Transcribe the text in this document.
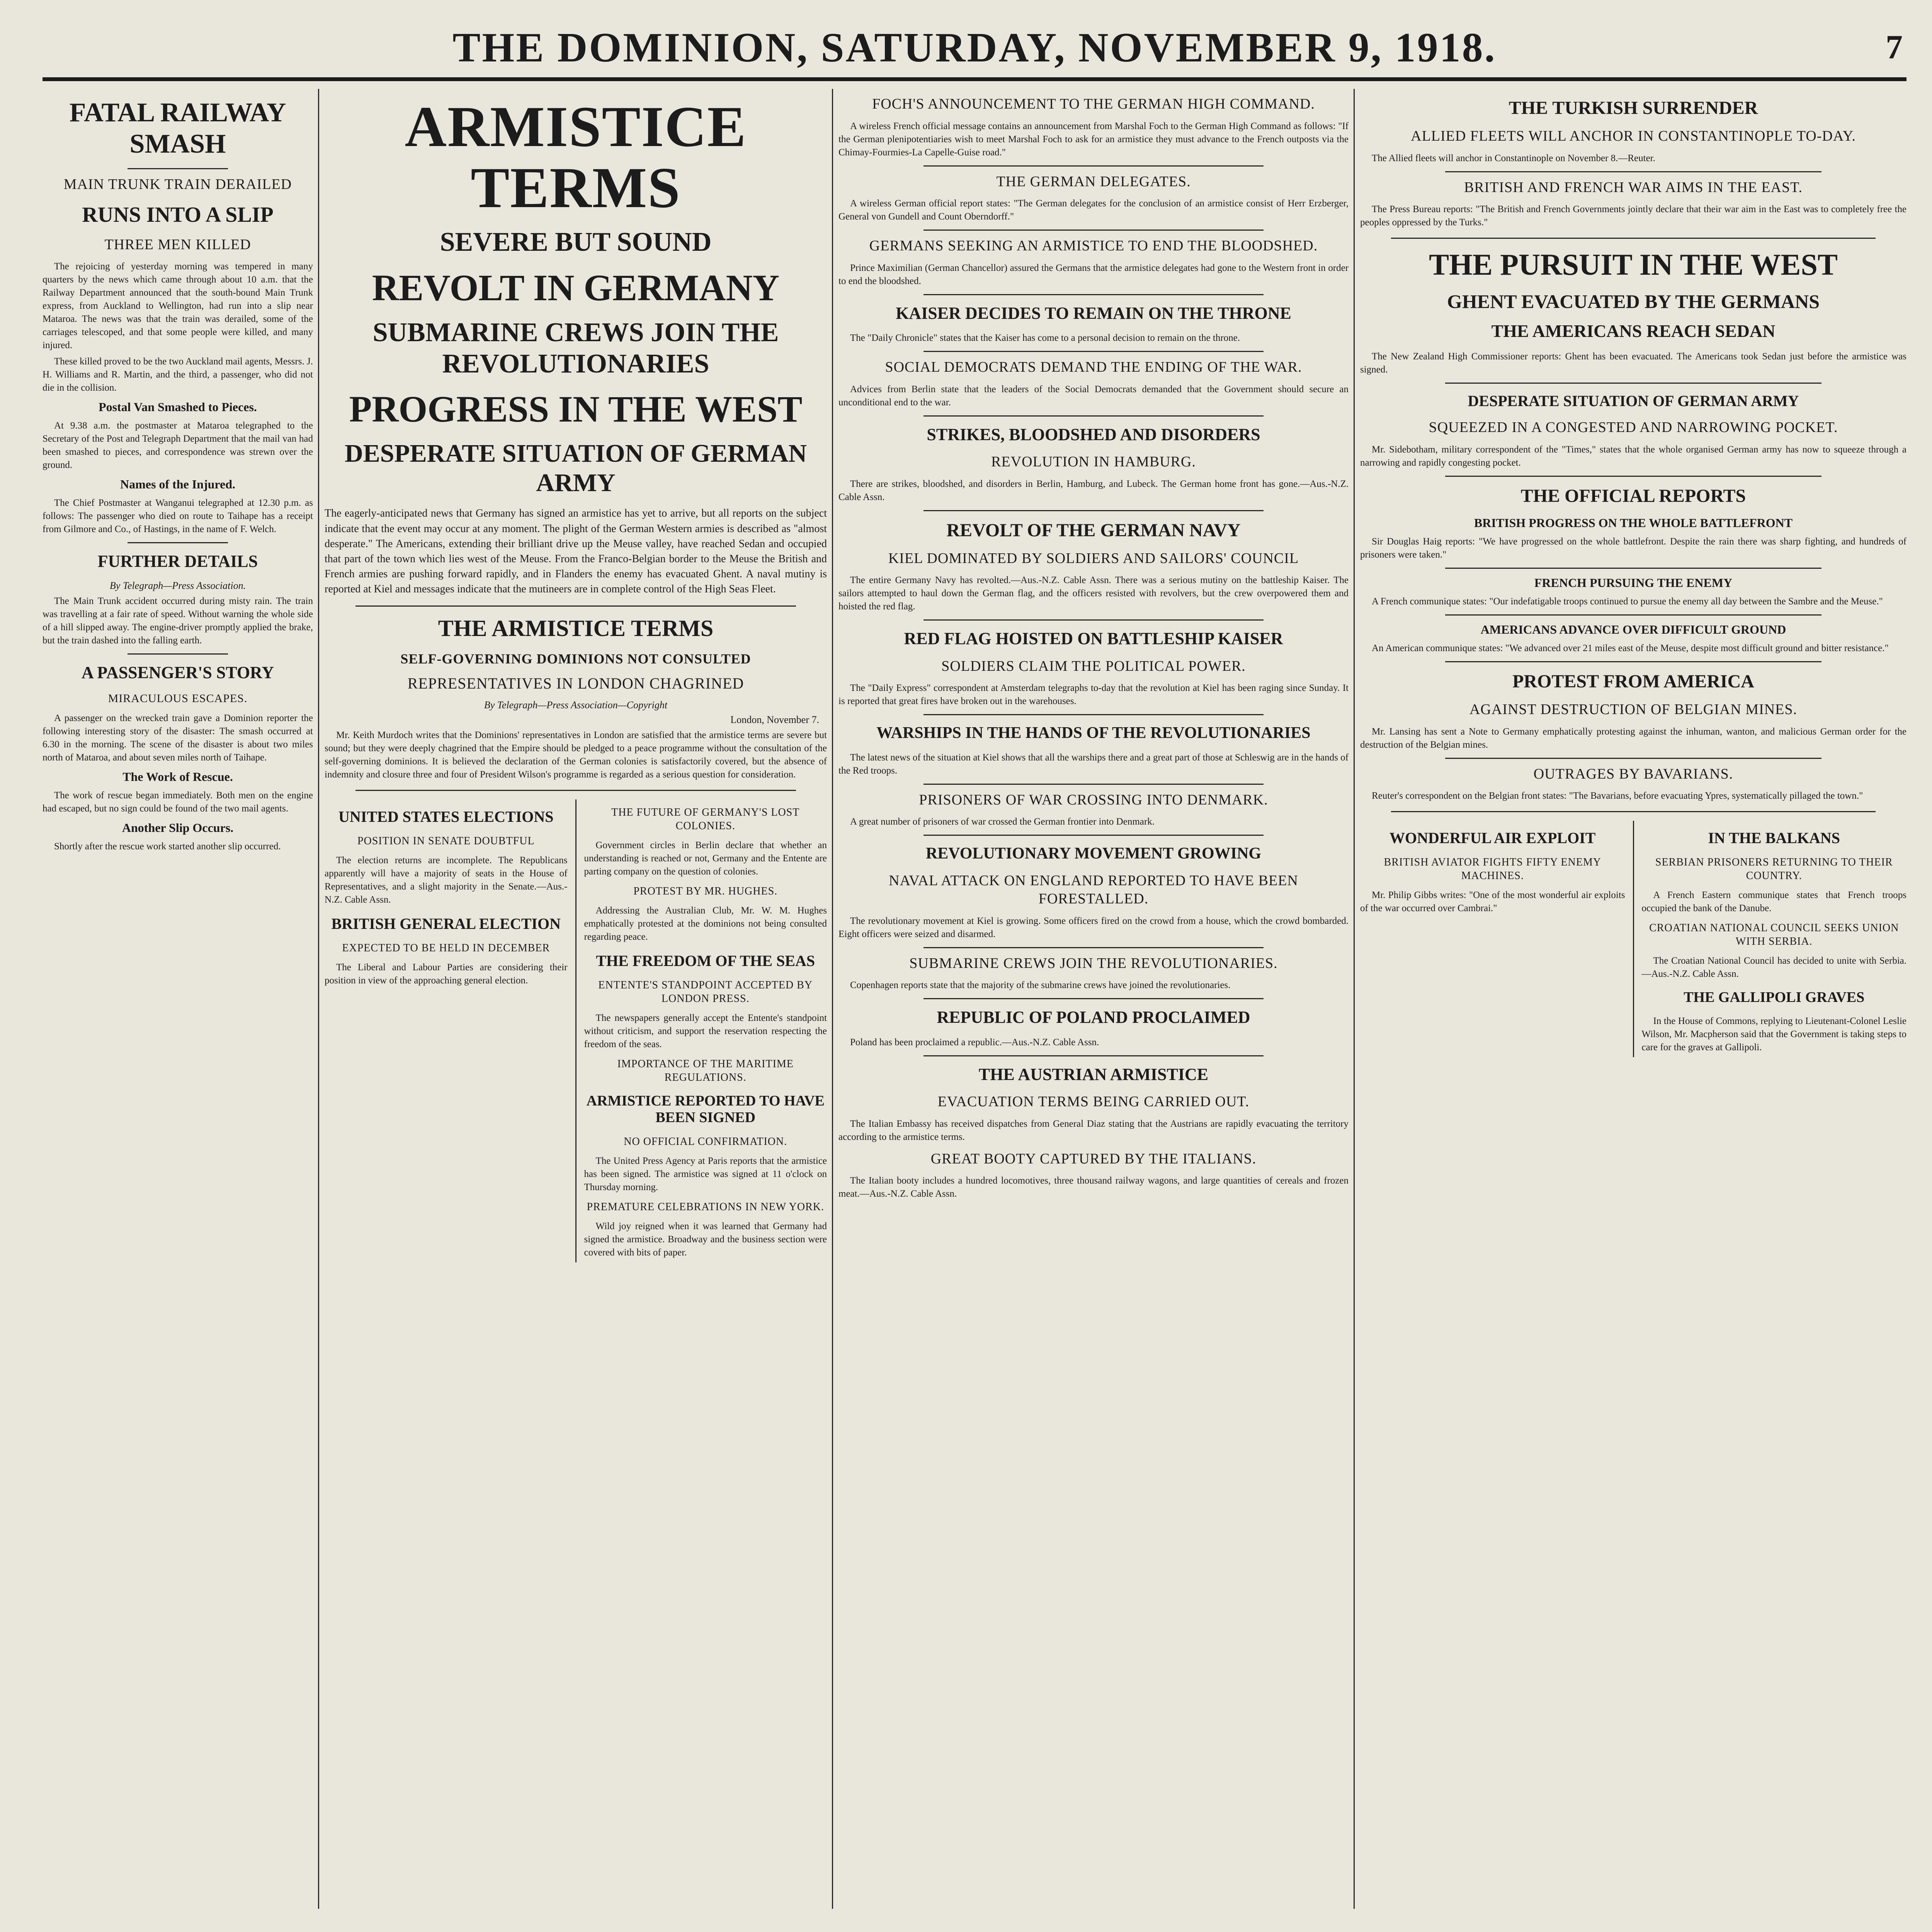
THE DOMINION, SATURDAY, NOVEMBER 9, 1918.	7
FATAL RAILWAY SMASH
MAIN TRUNK TRAIN DERAILED
RUNS INTO A SLIP
THREE MEN KILLED
The rejoicing of yesterday morning was tempered in many quarters by the news which came through about 10 a.m. that the Railway Department announced that the south-bound Main Trunk express, from Auckland to Wellington, had run into a slip near Mataroa. The news was that the train was derailed, some of the carriages telescoped, and that some people were killed, and many injured.
These killed proved to be the two Auckland mail agents, Messrs. J. H. Williams and R. Martin, and the third, a passenger, who did not die in the collision.
Postal Van Smashed to Pieces.
At 9.38 a.m. the postmaster at Mataroa telegraphed to the Secretary of the Post and Telegraph Department that the mail van had been smashed to pieces, and correspondence was strewn over the ground.
Names of the Injured.
The Chief Postmaster at Wanganui telegraphed at 12.30 p.m. as follows: The passenger who died on route to Taihape has a receipt from Gilmore and Co., of Hastings, in the name of F. Welch.
FURTHER DETAILS
By Telegraph—Press Association.
The Main Trunk accident occurred during misty rain. The train was travelling at a fair rate of speed. Without warning the whole side of a hill slipped away. The engine-driver promptly applied the brake, but the train dashed into the falling earth.
A PASSENGER'S STORY
MIRACULOUS ESCAPES.
A passenger on the wrecked train gave a Dominion reporter the following interesting story of the disaster: The smash occurred at 6.30 in the morning. The scene of the disaster is about two miles north of Mataroa, and about seven miles north of Taihape.
The Work of Rescue.
The work of rescue began immediately. Both men on the engine had escaped, but no sign could be found of the two mail agents.
Another Slip Occurs.
Shortly after the rescue work started another slip occurred.
ARMISTICE TERMS
SEVERE BUT SOUND
REVOLT IN GERMANY
SUBMARINE CREWS JOIN THE REVOLUTIONARIES
PROGRESS IN THE WEST
DESPERATE SITUATION OF GERMAN ARMY
The eagerly-anticipated news that Germany has signed an armistice has yet to arrive, but all reports on the subject indicate that the event may occur at any moment. The plight of the German Western armies is described as "almost desperate." The Americans, extending their brilliant drive up the Meuse valley, have reached Sedan and occupied that part of the town which lies west of the Meuse. From the Franco-Belgian border to the Meuse the British and French armies are pushing forward rapidly, and in Flanders the enemy has evacuated Ghent. A naval mutiny is reported at Kiel and messages indicate that the mutineers are in complete control of the High Seas Fleet.
THE ARMISTICE TERMS
SELF-GOVERNING DOMINIONS NOT CONSULTED
REPRESENTATIVES IN LONDON CHAGRINED
By Telegraph—Press Association—Copyright
London, November 7.
Mr. Keith Murdoch writes that the Dominions' representatives in London are satisfied that the armistice terms are severe but sound; but they were deeply chagrined that the Empire should be pledged to a peace programme without the consultation of the self-governing dominions. It is believed the declaration of the German colonies is satisfactorily covered, but the absence of indemnity and closure three and four of President Wilson's programme is regarded as a serious question for consideration.
UNITED STATES ELECTIONS
POSITION IN SENATE DOUBTFUL
The election returns are incomplete. The Republicans apparently will have a majority of seats in the House of Representatives, and a slight majority in the Senate.—Aus.-N.Z. Cable Assn.
BRITISH GENERAL ELECTION
EXPECTED TO BE HELD IN DECEMBER
The Liberal and Labour Parties are considering their position in view of the approaching general election.
THE FUTURE OF GERMANY'S LOST COLONIES.
Government circles in Berlin declare that whether an understanding is reached or not, Germany and the Entente are parting company on the question of colonies.
PROTEST BY MR. HUGHES.
Addressing the Australian Club, Mr. W. M. Hughes emphatically protested at the dominions not being consulted regarding peace.
THE FREEDOM OF THE SEAS
ENTENTE'S STANDPOINT ACCEPTED BY LONDON PRESS.
The newspapers generally accept the Entente's standpoint without criticism, and support the reservation respecting the freedom of the seas.
IMPORTANCE OF THE MARITIME REGULATIONS.
ARMISTICE REPORTED TO HAVE BEEN SIGNED
NO OFFICIAL CONFIRMATION.
The United Press Agency at Paris reports that the armistice has been signed. The armistice was signed at 11 o'clock on Thursday morning.
PREMATURE CELEBRATIONS IN NEW YORK.
Wild joy reigned when it was learned that Germany had signed the armistice. Broadway and the business section were covered with bits of paper.
FOCH'S ANNOUNCEMENT TO THE GERMAN HIGH COMMAND.
A wireless French official message contains an announcement from Marshal Foch to the German High Command as follows: "If the German plenipotentiaries wish to meet Marshal Foch to ask for an armistice they must advance to the French outposts via the Chimay-Fourmies-La Capelle-Guise road."
THE GERMAN DELEGATES.
A wireless German official report states: "The German delegates for the conclusion of an armistice consist of Herr Erzberger, General von Gundell and Count Oberndorff."
GERMANS SEEKING AN ARMISTICE TO END THE BLOODSHED.
Prince Maximilian (German Chancellor) assured the Germans that the armistice delegates had gone to the Western front in order to end the bloodshed.
KAISER DECIDES TO REMAIN ON THE THRONE
The "Daily Chronicle" states that the Kaiser has come to a personal decision to remain on the throne.
SOCIAL DEMOCRATS DEMAND THE ENDING OF THE WAR.
Advices from Berlin state that the leaders of the Social Democrats demanded that the Government should secure an unconditional end to the war.
STRIKES, BLOODSHED AND DISORDERS
REVOLUTION IN HAMBURG.
There are strikes, bloodshed, and disorders in Berlin, Hamburg, and Lubeck. The German home front has gone.—Aus.-N.Z. Cable Assn.
REVOLT OF THE GERMAN NAVY
KIEL DOMINATED BY SOLDIERS AND SAILORS' COUNCIL
The entire Germany Navy has revolted.—Aus.-N.Z. Cable Assn. There was a serious mutiny on the battleship Kaiser. The sailors attempted to haul down the German flag, and the officers resisted with revolvers, but the crew overpowered them and hoisted the red flag.
RED FLAG HOISTED ON BATTLESHIP KAISER
SOLDIERS CLAIM THE POLITICAL POWER.
The "Daily Express" correspondent at Amsterdam telegraphs to-day that the revolution at Kiel has been raging since Sunday. It is reported that great fires have broken out in the warehouses.
WARSHIPS IN THE HANDS OF THE REVOLUTIONARIES
The latest news of the situation at Kiel shows that all the warships there and a great part of those at Schleswig are in the hands of the Red troops.
PRISONERS OF WAR CROSSING INTO DENMARK.
A great number of prisoners of war crossed the German frontier into Denmark.
REVOLUTIONARY MOVEMENT GROWING
NAVAL ATTACK ON ENGLAND REPORTED TO HAVE BEEN FORESTALLED.
The revolutionary movement at Kiel is growing. Some officers fired on the crowd from a house, which the crowd bombarded. Eight officers were seized and disarmed.
SUBMARINE CREWS JOIN THE REVOLUTIONARIES.
Copenhagen reports state that the majority of the submarine crews have joined the revolutionaries.
REPUBLIC OF POLAND PROCLAIMED
Poland has been proclaimed a republic.—Aus.-N.Z. Cable Assn.
THE AUSTRIAN ARMISTICE
EVACUATION TERMS BEING CARRIED OUT.
The Italian Embassy has received dispatches from General Diaz stating that the Austrians are rapidly evacuating the territory according to the armistice terms.
GREAT BOOTY CAPTURED BY THE ITALIANS.
The Italian booty includes a hundred locomotives, three thousand railway wagons, and large quantities of cereals and frozen meat.—Aus.-N.Z. Cable Assn.
THE TURKISH SURRENDER
ALLIED FLEETS WILL ANCHOR IN CONSTANTINOPLE TO-DAY.
The Allied fleets will anchor in Constantinople on November 8.—Reuter.
BRITISH AND FRENCH WAR AIMS IN THE EAST.
The Press Bureau reports: "The British and French Governments jointly declare that their war aim in the East was to completely free the peoples oppressed by the Turks."
THE PURSUIT IN THE WEST
GHENT EVACUATED BY THE GERMANS
THE AMERICANS REACH SEDAN
The New Zealand High Commissioner reports: Ghent has been evacuated. The Americans took Sedan just before the armistice was signed.
DESPERATE SITUATION OF GERMAN ARMY
SQUEEZED IN A CONGESTED AND NARROWING POCKET.
Mr. Sidebotham, military correspondent of the "Times," states that the whole organised German army has now to squeeze through a narrowing and rapidly congesting pocket.
THE OFFICIAL REPORTS
BRITISH PROGRESS ON THE WHOLE BATTLEFRONT
Sir Douglas Haig reports: "We have progressed on the whole battlefront. Despite the rain there was sharp fighting, and hundreds of prisoners were taken."
FRENCH PURSUING THE ENEMY
A French communique states: "Our indefatigable troops continued to pursue the enemy all day between the Sambre and the Meuse."
AMERICANS ADVANCE OVER DIFFICULT GROUND
An American communique states: "We advanced over 21 miles east of the Meuse, despite most difficult ground and bitter resistance."
PROTEST FROM AMERICA
AGAINST DESTRUCTION OF BELGIAN MINES.
Mr. Lansing has sent a Note to Germany emphatically protesting against the inhuman, wanton, and malicious German order for the destruction of the Belgian mines.
OUTRAGES BY BAVARIANS.
Reuter's correspondent on the Belgian front states: "The Bavarians, before evacuating Ypres, systematically pillaged the town."
WONDERFUL AIR EXPLOIT
BRITISH AVIATOR FIGHTS FIFTY ENEMY MACHINES.
Mr. Philip Gibbs writes: "One of the most wonderful air exploits of the war occurred over Cambrai."
IN THE BALKANS
SERBIAN PRISONERS RETURNING TO THEIR COUNTRY.
A French Eastern communique states that French troops occupied the bank of the Danube.
CROATIAN NATIONAL COUNCIL SEEKS UNION WITH SERBIA.
The Croatian National Council has decided to unite with Serbia.—Aus.-N.Z. Cable Assn.
THE GALLIPOLI GRAVES
In the House of Commons, replying to Lieutenant-Colonel Leslie Wilson, Mr. Macpherson said that the Government is taking steps to care for the graves at Gallipoli.
